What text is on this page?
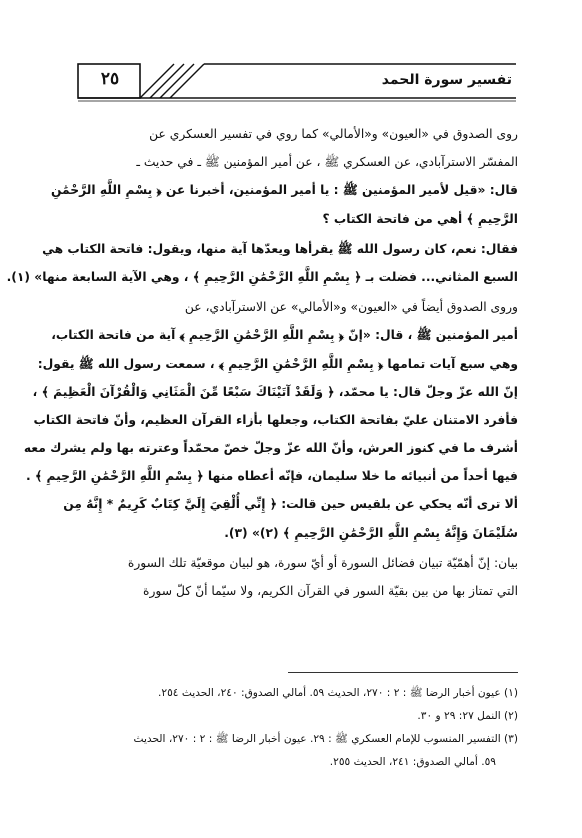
٢٥	تفسير سورة الحمد
روى الصدوق في «العيون» و«الأمالي» كما روي في تفسير العسكري عن
المفسّر الاسترآبادي، عن العسكري ﷺ ، عن أمير المؤمنين ﷺ ـ في حديث ـ
قال: «قيل لأمير المؤمنين ﷺ : يا أمير المؤمنين، أخبرنا عن ﴿ بِسْمِ اللَّهِ الرَّحْمَٰنِ
الرَّحِيمِ ﴾ أهي من فاتحة الكتاب ؟
فقال: نعم، كان رسول الله ﷺ يقرأها ويعدّها آية منها، ويقول: فاتحة الكتاب هي
السبع المثاني... فضلت بـ ﴿ بِسْمِ اللَّهِ الرَّحْمَٰنِ الرَّحِيمِ ﴾ ، وهي الآية السابعة منها» (١).
وروى الصدوق أيضاً في «العيون» و«الأمالي» عن الاسترآبادي، عن
أمير المؤمنين ﷺ ، قال: «إنّ ﴿ بِسْمِ اللَّهِ الرَّحْمَٰنِ الرَّحِيمِ ﴾ آية من فاتحة الكتاب،
وهي سبع آيات تمامها ﴿ بِسْمِ اللَّهِ الرَّحْمَٰنِ الرَّحِيمِ ﴾ ، سمعت رسول الله ﷺ يقول:
إنّ الله عزّ وجلّ قال: يا محمّد، ﴿ وَلَقَدْ آتَيْنَاكَ سَبْعًا مِّنَ الْمَثَانِي وَالْقُرْآنَ الْعَظِيمَ ﴾ ،
فأفرد الامتنان عليّ بفاتحة الكتاب، وجعلها بأزاء القرآن العظيم، وأنّ فاتحة الكتاب
أشرف ما في كنوز العرش، وأنّ الله عزّ وجلّ خصّ محمّداً وعترته بها ولم يشرك معه
فيها أحداً من أنبيائه ما خلا سليمان، فإنّه أعطاه منها ﴿ بِسْمِ اللَّهِ الرَّحْمَٰنِ الرَّحِيمِ ﴾ .
ألا ترى أنّه يحكي عن بلقيس حين قالت: ﴿ إِنِّي أُلْقِيَ إِلَيَّ كِتَابٌ كَرِيمٌ * إِنَّهُ مِن
سُلَيْمَانَ وَإِنَّهُ بِسْمِ اللَّهِ الرَّحْمَٰنِ الرَّحِيمِ ﴾ (٢)» (٣).
بيان: إنّ أهمّيّة تبيان فضائل السورة أو أيّ سورة، هو لبيان موقعيّة تلك السورة
التي تمتاز بها من بين بقيّة السور في القرآن الكريم، ولا سيّما أنّ كلّ سورة
(١) عيون أخبار الرضا ﷺ : ٢ : ٢٧٠، الحديث ٥٩. أمالي الصدوق: ٢٤٠، الحديث ٢٥٤.
(٢) النمل ٢٧: ٢٩ و ٣٠.
(٣) التفسير المنسوب للإمام العسكري ﷺ : ٢٩. عيون أخبار الرضا ﷺ : ٢ : ٢٧٠، الحديث
٥٩. أمالي الصدوق: ٢٤١، الحديث ٢٥٥.
